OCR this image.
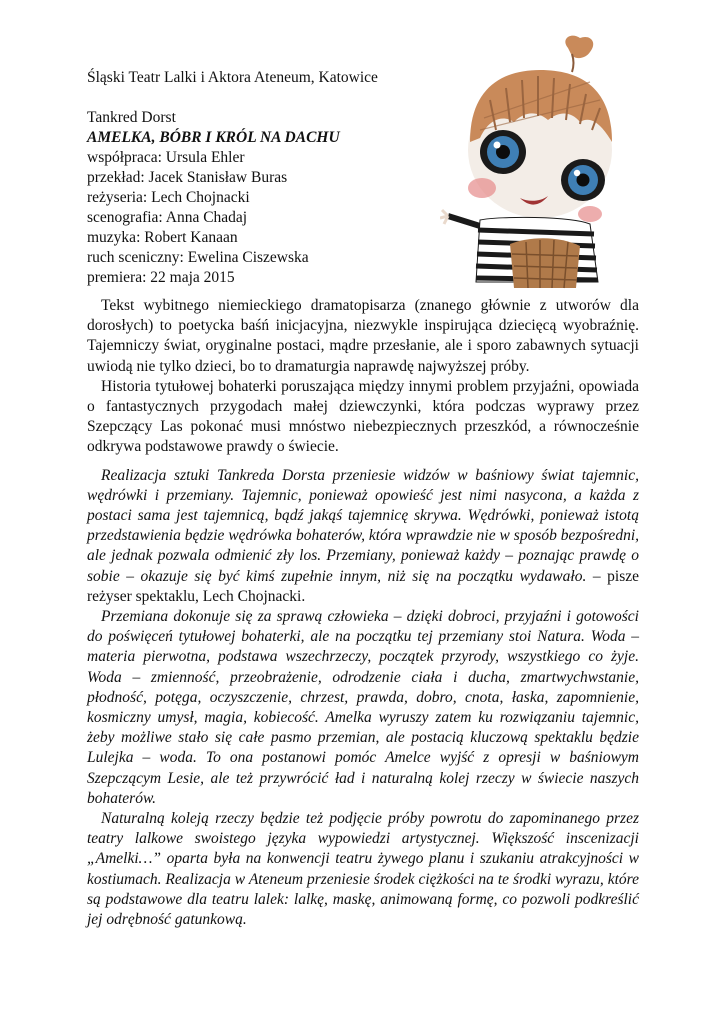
Śląski Teatr Lalki i Aktora Ateneum, Katowice
Tankred Dorst
AMELKA, BÓBR I KRÓL NA DACHU
współpraca: Ursula Ehler
przekład: Jacek Stanisław Buras
reżyseria: Lech Chojnacki
scenografia: Anna Chadaj
muzyka: Robert Kanaan
ruch sceniczny: Ewelina Ciszewska
premiera: 22 maja 2015

Tekst wybitnego niemieckiego dramatopisarza (znanego głównie z utworów dla dorosłych) to poetycka baśń inicjacyjna, niezwykle inspirująca dziecięcą wyobraźnię. Tajemniczy świat, oryginalne postaci, mądre przesłanie, ale i sporo zabawnych sytuacji uwiodą nie tylko dzieci, bo to dramaturgia naprawdę najwyższej próby.

Historia tytułowej bohaterki poruszająca między innymi problem przyjaźni, opowiada o fantastycznych przygodach małej dziewczynki, która podczas wyprawy przez Szepczący Las pokonać musi mnóstwo niebezpiecznych przeszkód, a równocześnie odkrywa podstawowe prawdy o świecie.

Realizacja sztuki Tankreda Dorsta przeniesie widzów w baśniowy świat tajemnic, wędrówki i przemiany. Tajemnic, ponieważ opowieść jest nimi nasycona, a każda z postaci sama jest tajemnicą, bądź jakąś tajemnicę skrywa. Wędrówki, ponieważ istotą przedstawienia będzie wędrówka bohaterów, która wprawdzie nie w sposób bezpośredni, ale jednak pozwala odmienić zły los. Przemiany, ponieważ każdy – poznając prawdę o sobie – okazuje się być kimś zupełnie innym, niż się na początku wydawało. – pisze reżyser spektaklu, Lech Chojnacki.

Przemiana dokonuje się za sprawą człowieka – dzięki dobroci, przyjaźni i gotowości do poświęceń tytułowej bohaterki, ale na początku tej przemiany stoi Natura. Woda – materia pierwotna, podstawa wszechrzeczy, początek przyrody, wszystkiego co żyje. Woda – zmienność, przeobrażenie, odrodzenie ciała i ducha, zmartwychwstanie, płodność, potęga, oczyszczenie, chrzest, prawda, dobro, cnota, łaska, zapomnienie, kosmiczny umysł, magia, kobiecość. Amelka wyruszy zatem ku rozwiązaniu tajemnic, żeby możliwe stało się całe pasmo przemian, ale postacią kluczową spektaklu będzie Lulejka – woda. To ona postanowi pomóc Amelce wyjść z opresji w baśniowym Szepczącym Lesie, ale też przywrócić ład i naturalną kolej rzeczy w świecie naszych bohaterów.

Naturalną koleją rzeczy będzie też podjęcie próby powrotu do zapominanego przez teatry lalkowe swoistego języka wypowiedzi artystycznej. Większość inscenizacji „Amelki…” oparta była na konwencji teatru żywego planu i szukaniu atrakcyjności w kostiumach. Realizacja w Ateneum przeniesie środek ciężkości na te środki wyrazu, które są podstawowe dla teatru lalek: lalkę, maskę, animowaną formę, co pozwoli podkreślić jej odrębność gatunkową.
